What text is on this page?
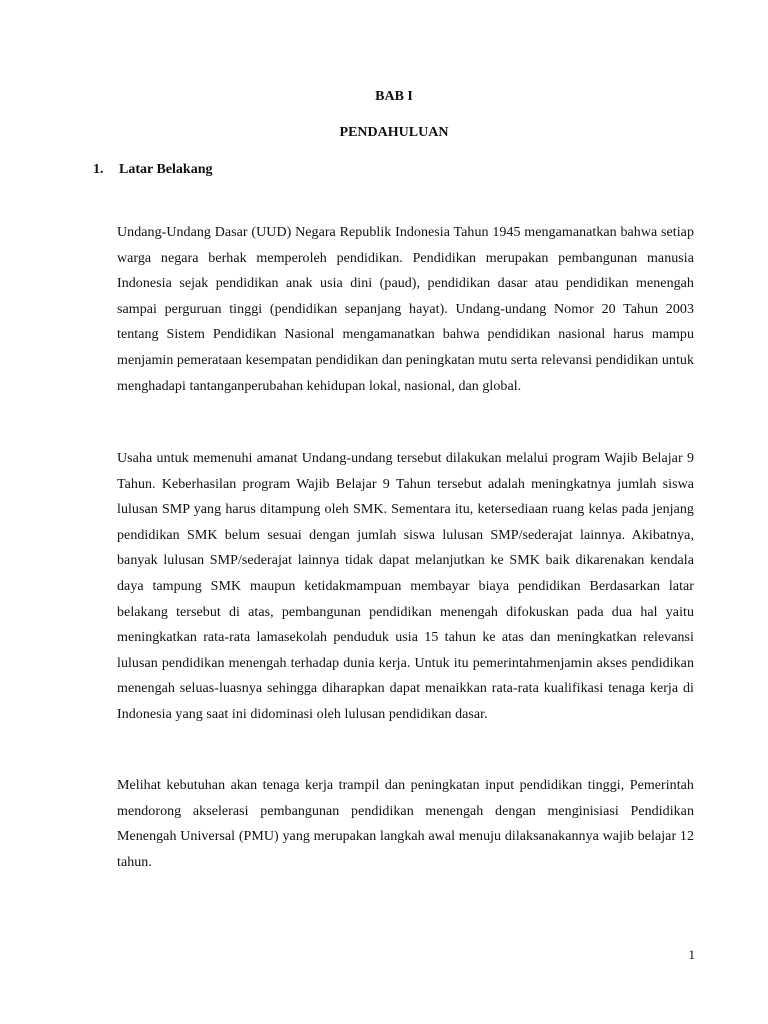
BAB I
PENDAHULUAN
1.	Latar Belakang

Undang-Undang Dasar (UUD) Negara Republik Indonesia Tahun 1945 mengamanatkan bahwa setiap warga negara berhak memperoleh pendidikan. Pendidikan merupakan pembangunan manusia Indonesia sejak pendidikan anak usia dini (paud), pendidikan dasar atau pendidikan menengah sampai perguruan tinggi (pendidikan sepanjang hayat). Undang-undang Nomor 20 Tahun 2003 tentang Sistem Pendidikan Nasional mengamanatkan bahwa pendidikan nasional harus mampu menjamin pemerataan kesempatan pendidikan dan peningkatan mutu serta relevansi pendidikan untuk menghadapi tantanganperubahan kehidupan lokal, nasional, dan global.

Usaha untuk memenuhi amanat Undang-undang tersebut dilakukan melalui program Wajib Belajar 9 Tahun. Keberhasilan program Wajib Belajar 9 Tahun tersebut adalah meningkatnya jumlah siswa lulusan SMP yang harus ditampung oleh SMK. Sementara itu, ketersediaan ruang kelas pada jenjang pendidikan SMK belum sesuai dengan jumlah siswa lulusan SMP/sederajat lainnya. Akibatnya, banyak lulusan SMP/sederajat lainnya tidak dapat melanjutkan ke SMK baik dikarenakan kendala daya tampung SMK maupun ketidakmampuan membayar biaya pendidikan Berdasarkan latar belakang tersebut di atas, pembangunan pendidikan menengah difokuskan pada dua hal yaitu meningkatkan rata-rata lamasekolah penduduk usia 15 tahun ke atas dan meningkatkan relevansi lulusan pendidikan menengah terhadap dunia kerja. Untuk itu pemerintahmenjamin akses pendidikan menengah seluas-luasnya sehingga diharapkan dapat menaikkan rata-rata kualifikasi tenaga kerja di Indonesia yang saat ini didominasi oleh lulusan pendidikan dasar.

Melihat kebutuhan akan tenaga kerja trampil dan peningkatan input pendidikan tinggi, Pemerintah mendorong akselerasi pembangunan pendidikan menengah dengan menginisiasi Pendidikan Menengah Universal (PMU) yang merupakan langkah awal menuju dilaksanakannya wajib belajar 12 tahun.

1
